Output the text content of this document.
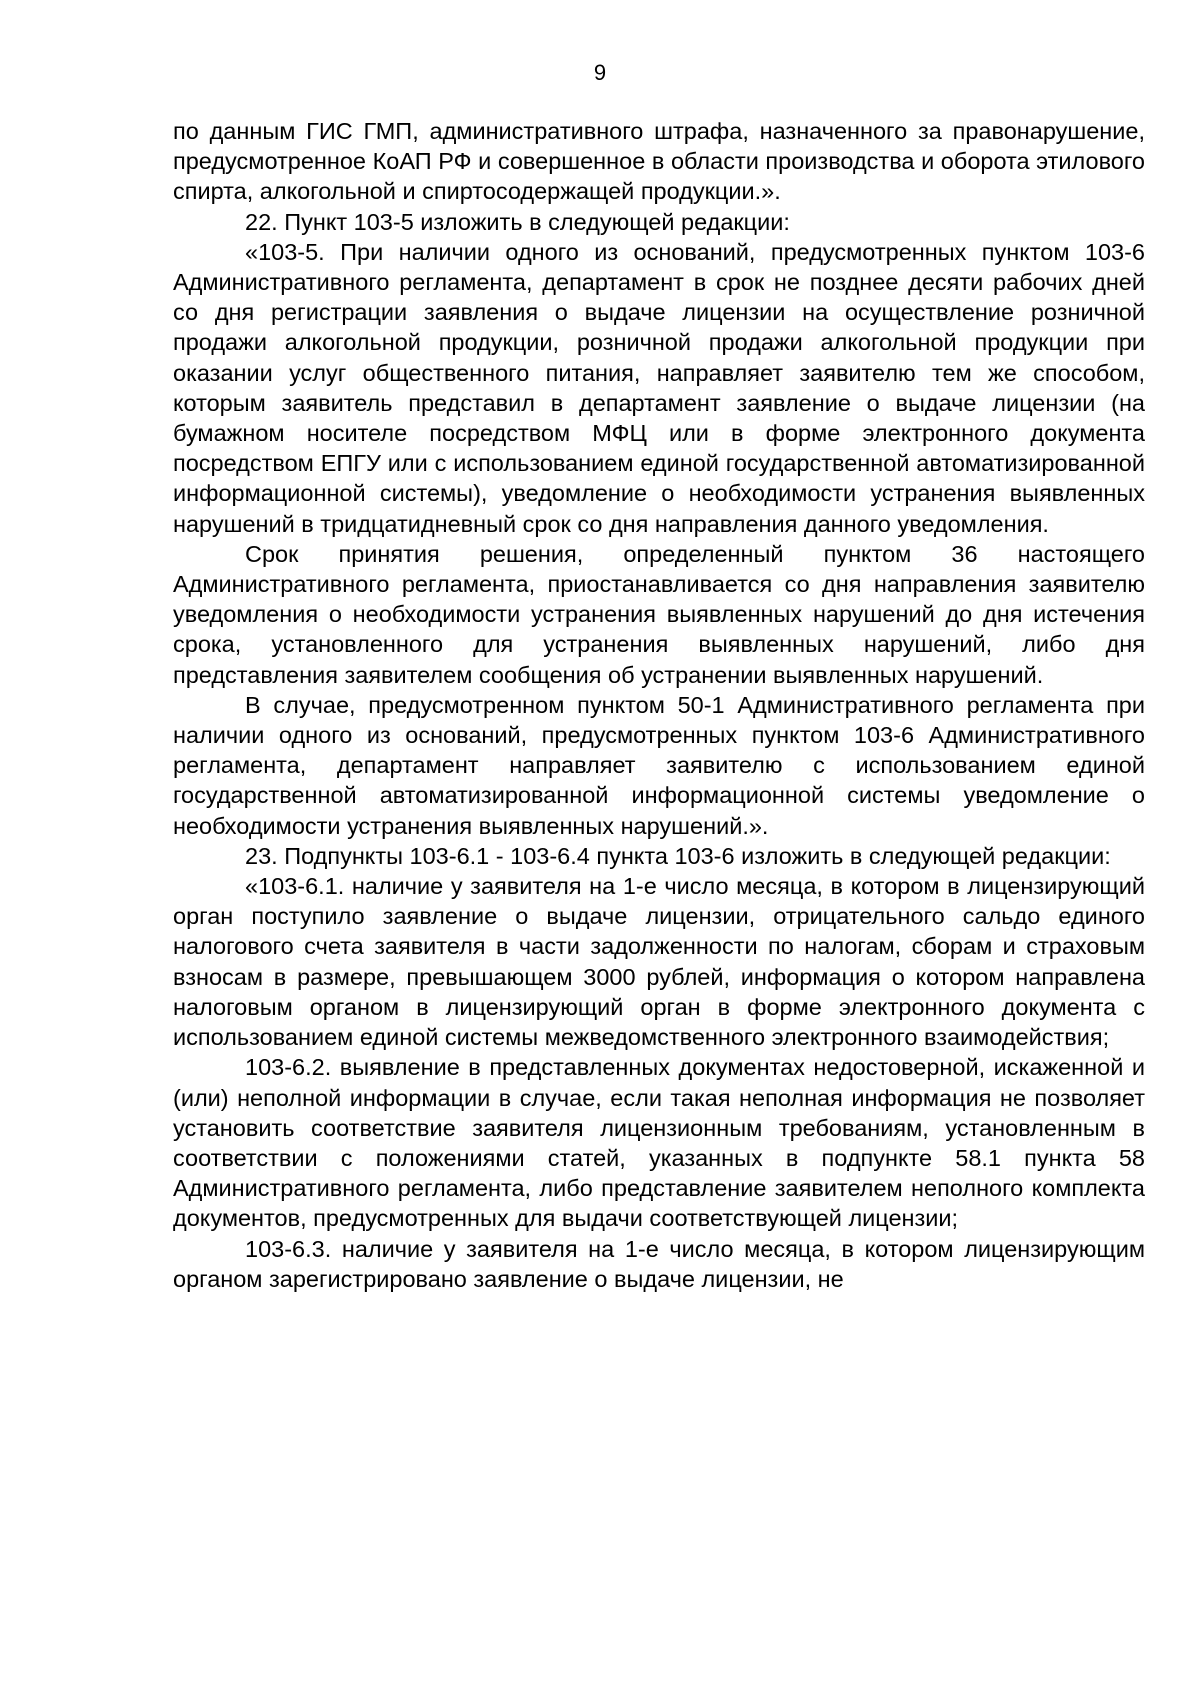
9

по данным ГИС ГМП, административного штрафа, назначенного за правонарушение, предусмотренное КоАП РФ и совершенное в области производства и оборота этилового спирта, алкогольной и спиртосодержащей продукции.».

22. Пункт 103-5 изложить в следующей редакции:

«103-5. При наличии одного из оснований, предусмотренных пунктом 103-6 Административного регламента, департамент в срок не позднее десяти рабочих дней со дня регистрации заявления о выдаче лицензии на осуществление розничной продажи алкогольной продукции, розничной продажи алкогольной продукции при оказании услуг общественного питания, направляет заявителю тем же способом, которым заявитель представил в департамент заявление о выдаче лицензии (на бумажном носителе посредством МФЦ или в форме электронного документа посредством ЕПГУ или с использованием единой государственной автоматизированной информационной системы), уведомление о необходимости устранения выявленных нарушений в тридцатидневный срок со дня направления данного уведомления.

Срок принятия решения, определенный пунктом 36 настоящего Административного регламента, приостанавливается со дня направления заявителю уведомления о необходимости устранения выявленных нарушений до дня истечения срока, установленного для устранения выявленных нарушений, либо дня представления заявителем сообщения об устранении выявленных нарушений.

В случае, предусмотренном пунктом 50-1 Административного регламента при наличии одного из оснований, предусмотренных пунктом 103-6 Административного регламента, департамент направляет заявителю с использованием единой государственной автоматизированной информационной системы уведомление о необходимости устранения выявленных нарушений.».

23. Подпункты 103-6.1 - 103-6.4 пункта 103-6 изложить в следующей редакции:

«103-6.1. наличие у заявителя на 1-е число месяца, в котором в лицензирующий орган поступило заявление о выдаче лицензии, отрицательного сальдо единого налогового счета заявителя в части задолженности по налогам, сборам и страховым взносам в размере, превышающем 3000 рублей, информация о котором направлена налоговым органом в лицензирующий орган в форме электронного документа с использованием единой системы межведомственного электронного взаимодействия;

103-6.2. выявление в представленных документах недостоверной, искаженной и (или) неполной информации в случае, если такая неполная информация не позволяет установить соответствие заявителя лицензионным требованиям, установленным в соответствии с положениями статей, указанных в подпункте 58.1 пункта 58 Административного регламента, либо представление заявителем неполного комплекта документов, предусмотренных для выдачи соответствующей лицензии;

103-6.3. наличие у заявителя на 1-е число месяца, в котором лицензирующим органом зарегистрировано заявление о выдаче лицензии, не
